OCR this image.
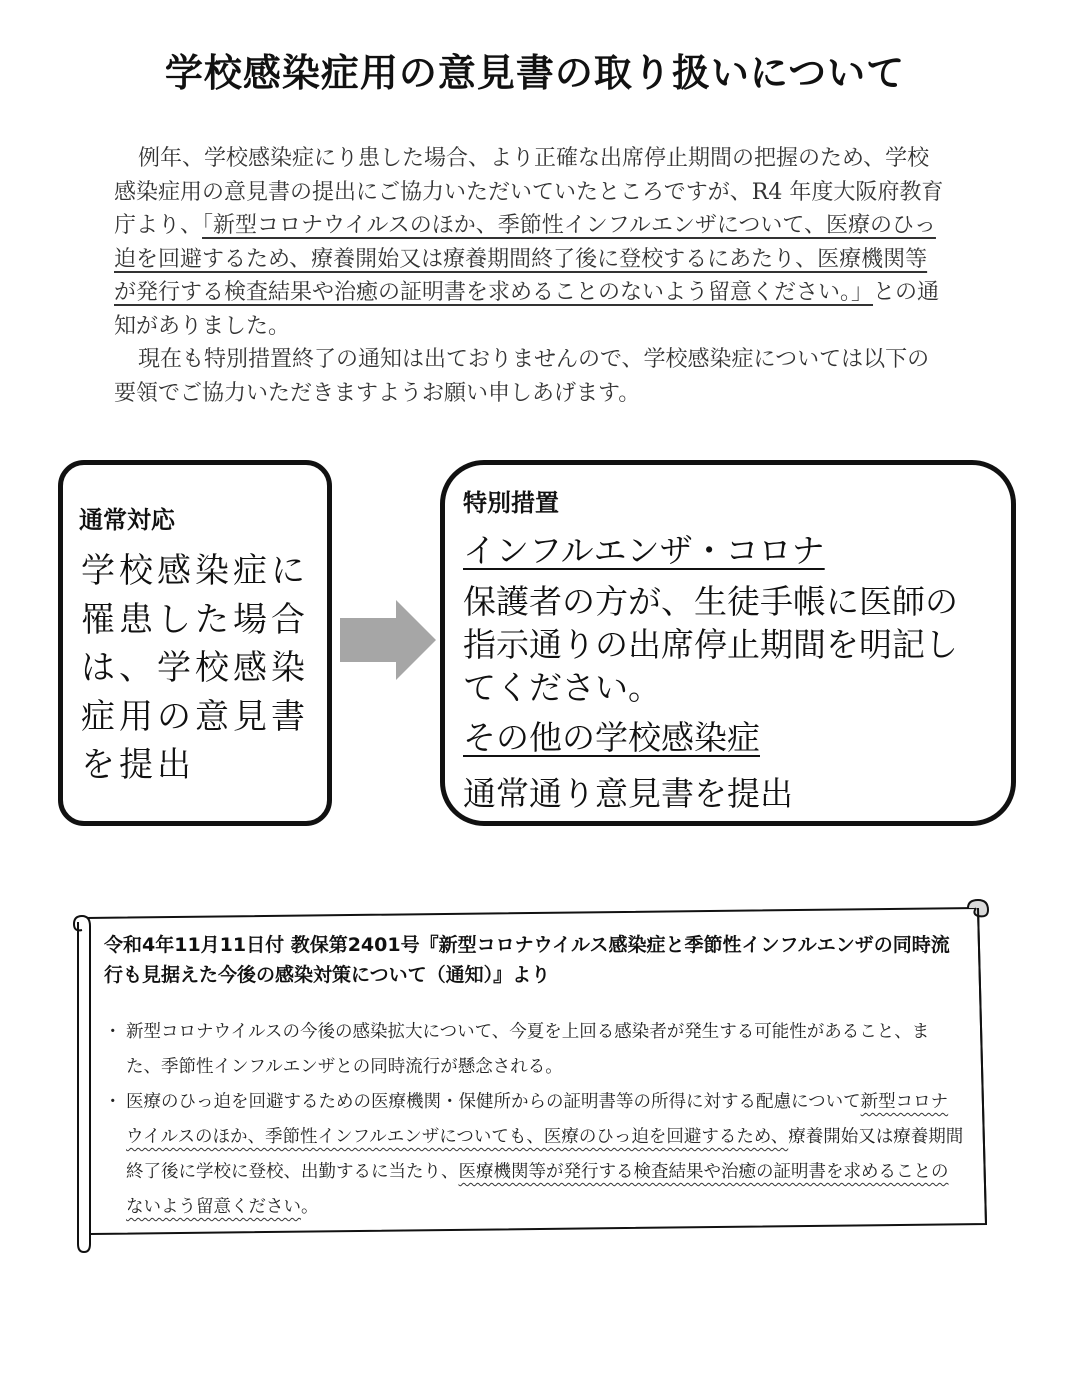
学校感染症用の意見書の取り扱いについて

例年、学校感染症にり患した場合、より正確な出席停止期間の把握のため、学校感染症用の意見書の提出にご協力いただいていたところですが、R4 年度大阪府教育庁より、「新型コロナウイルスのほか、季節性インフルエンザについて、医療のひっ迫を回避するため、療養開始又は療養期間終了後に登校するにあたり、医療機関等が発行する検査結果や治癒の証明書を求めることのないよう留意ください。」との通知がありました。

現在も特別措置終了の通知は出ておりませんので、学校感染症については以下の要領でご協力いただきますようお願い申しあげます。

通常対応

学校感染症に罹患した場合は、学校感染症用の意見書を提出

特別措置

インフルエンザ・コロナ

保護者の方が、生徒手帳に医師の指示通りの出席停止期間を明記してください。

その他の学校感染症

通常通り意見書を提出

令和4年11月11日付 教保第2401号『新型コロナウイルス感染症と季節性インフルエンザの同時流行も見据えた今後の感染対策について（通知）』より
・ 新型コロナウイルスの今後の感染拡大について、今夏を上回る感染者が発生する可能性があること、また、季節性インフルエンザとの同時流行が懸念される。
・ 医療のひっ迫を回避するための医療機関・保健所からの証明書等の所得に対する配慮について新型コロナウイルスのほか、季節性インフルエンザについても、医療のひっ迫を回避するため、療養開始又は療養期間終了後に学校に登校、出勤するに当たり、医療機関等が発行する検査結果や治癒の証明書を求めることのないよう留意ください。
